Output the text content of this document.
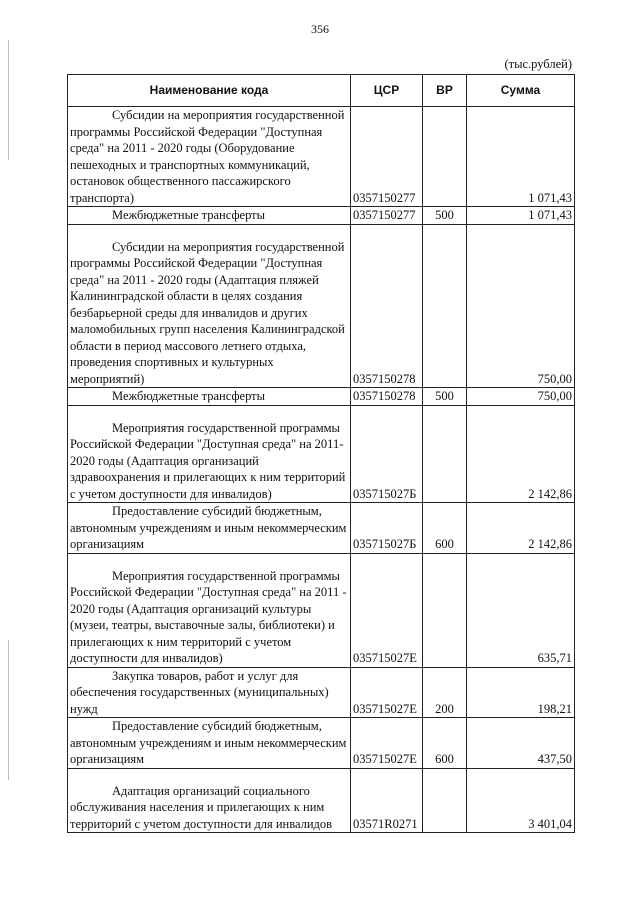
356
(тыс.рублей)
Наименование кода	ЦСР	ВР	Сумма
Субсидии на мероприятия государственной программы Российской Федерации "Доступная среда" на 2011 - 2020 годы (Оборудование пешеходных и транспортных коммуникаций, остановок общественного пассажирского транспорта)	0357150277		1 071,43
Межбюджетные трансферты	0357150277	500	1 071,43

Субсидии на мероприятия государственной программы Российской Федерации "Доступная среда" на 2011 - 2020 годы (Адаптация пляжей Калининградской области в целях создания безбарьерной среды для инвалидов и других маломобильных групп населения Калининградской области в период массового летнего отдыха, проведения спортивных и культурных мероприятий)	0357150278		750,00
Межбюджетные трансферты	0357150278	500	750,00

Мероприятия государственной программы Российской Федерации "Доступная среда" на 2011-2020 годы (Адаптация организаций здравоохранения и прилегающих к ним территорий с учетом доступности для инвалидов)	035715027Б		2 142,86
Предоставление субсидий бюджетным, автономным учреждениям и иным некоммерческим организациям	035715027Б	600	2 142,86

Мероприятия государственной программы Российской Федерации "Доступная среда" на 2011 - 2020 годы (Адаптация организаций культуры (музеи, театры, выставочные залы, библиотеки) и прилегающих к ним территорий с учетом доступности для инвалидов)	035715027Е		635,71
Закупка товаров, работ и услуг для обеспечения государственных (муниципальных) нужд	035715027Е	200	198,21
Предоставление субсидий бюджетным, автономным учреждениям и иным некоммерческим организациям	035715027Е	600	437,50

Адаптация организаций социального обслуживания населения и прилегающих к ним территорий с учетом доступности для инвалидов	03571R0271		3 401,04
